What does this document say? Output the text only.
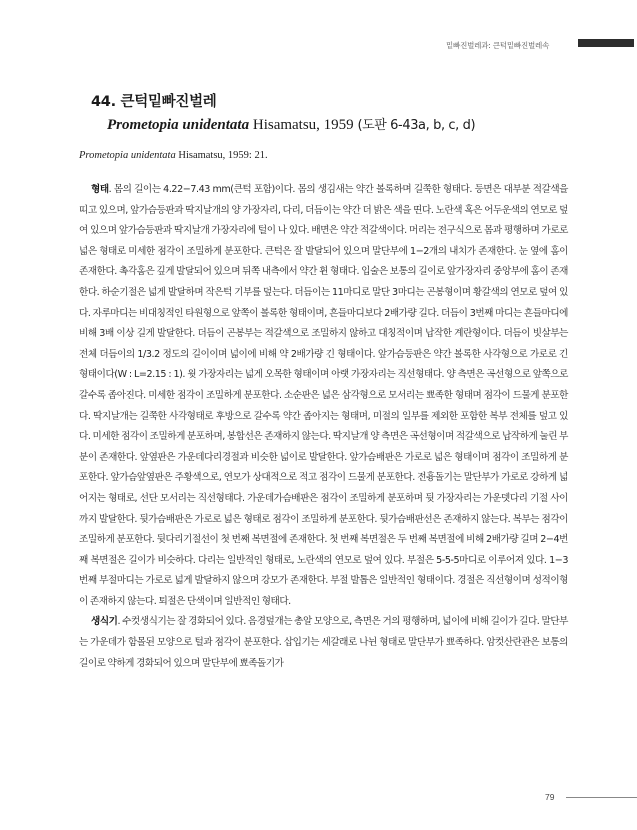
밑빠진벌레과: 큰턱밑빠진벌레속
44. 큰턱밑빠진벌레
Prometopia unidentata Hisamatsu, 1959 (도판 6-43a, b, c, d)
Prometopia unidentata Hisamatsu, 1959: 21.

형태. 몸의 길이는 4.22−7.43 mm(큰턱 포함)이다. 몸의 생김새는 약간 볼록하며 길쭉한 형태다. 등면은 대부분 적갈색을 띠고 있으며, 앞가슴등판과 딱지날개의 양 가장자리, 다리, 더듬이는 약간 더 밝은 색을 띤다. 노란색 혹은 어두운색의 연모로 덮여 있으며 앞가슴등판과 딱지날개 가장자리에 털이 나 있다. 배면은 약간 적갈색이다. 머리는 전구식으로 몸과 평행하며 가로로 넓은 형태로 미세한 점각이 조밀하게 분포한다. 큰턱은 잘 발달되어 있으며 말단부에 1−2개의 내치가 존재한다. 눈 옆에 홈이 존재한다. 촉각홈은 깊게 발달되어 있으며 뒤쪽 내측에서 약간 휜 형태다. 입술은 보통의 길이로 앞가장자리 중앙부에 홈이 존재한다. 하순기절은 넓게 발달하며 작은턱 기부를 덮는다. 더듬이는 11마디로 말단 3마디는 곤봉형이며 황갈색의 연모로 덮여 있다. 자루마디는 비대칭적인 타원형으로 앞쪽이 볼록한 형태이며, 흔들마디보다 2배가량 길다. 더듬이 3번째 마디는 흔들마디에 비해 3배 이상 길게 발달한다. 더듬이 곤봉부는 적갈색으로 조밀하지 않하고 대칭적이며 납작한 계란형이다. 더듬이 빗살부는 전체 더듬이의 1/3.2 정도의 길이이며 넓이에 비해 약 2배가량 긴 형태이다. 앞가슴등판은 약간 볼록한 사각형으로 가로로 긴 형태이다(W : L=2.15 : 1). 윗 가장자리는 넓게 오목한 형태이며 아랫 가장자리는 직선형태다. 양 측면은 곡선형으로 앞쪽으로 갈수록 좁아진다. 미세한 점각이 조밀하게 분포한다. 소순판은 넓은 삼각형으로 모서리는 뾰족한 형태며 점각이 드물게 분포한다. 딱지날개는 길쭉한 사각형태로 후방으로 갈수록 약간 좁아지는 형태며, 미절의 일부를 제외한 포함한 복부 전체를 덮고 있다. 미세한 점각이 조밀하게 분포하며, 봉합선은 존재하지 않는다. 딱지날개 양 측면은 곡선형이며 적갈색으로 납작하게 눌린 부분이 존재한다. 앞옆판은 가운데다리경절과 비슷한 넓이로 발달한다. 앞가슴배판은 가로로 넓은 형태이며 점각이 조밀하게 분포한다. 앞가슴앞옆판은 주황색으로, 연모가 상대적으로 적고 점각이 드물게 분포한다. 전흉돌기는 말단부가 가로로 강하게 넓어지는 형태로, 선단 모서리는 직선형태다. 가운데가슴배판은 점각이 조밀하게 분포하며 뒷 가장자리는 가운뎃다리 기절 사이까지 발달한다. 뒷가슴배판은 가로로 넓은 형태로 점각이 조밀하게 분포한다. 뒷가슴배판선은 존재하지 않는다. 복부는 점각이 조밀하게 분포한다. 뒷다리기절선이 첫 번째 복면절에 존재한다. 첫 번째 복면절은 두 번째 복면절에 비해 2배가량 길며 2−4번째 복면절은 길이가 비슷하다. 다리는 일반적인 형태로, 노란색의 연모로 덮여 있다. 부절은 5-5-5마디로 이루어져 있다. 1−3번째 부절마디는 가로로 넓게 발달하지 않으며 강모가 존재한다. 부절 발톱은 일반적인 형태이다. 경절은 직선형이며 성적이형이 존재하지 않는다. 퇴절은 단색이며 일반적인 형태다.

생식기. 수컷생식기는 잘 경화되어 있다. 음경덮개는 총알 모양으로, 측면은 거의 평행하며, 넓이에 비해 길이가 길다. 말단부는 가운데가 함몰된 모양으로 털과 점각이 분포한다. 삽입기는 세갈래로 나뉜 형태로 말단부가 뾰족하다. 암컷산란관은 보통의 길이로 약하게 경화되어 있으며 말단부에 뾰족돌기가

79
